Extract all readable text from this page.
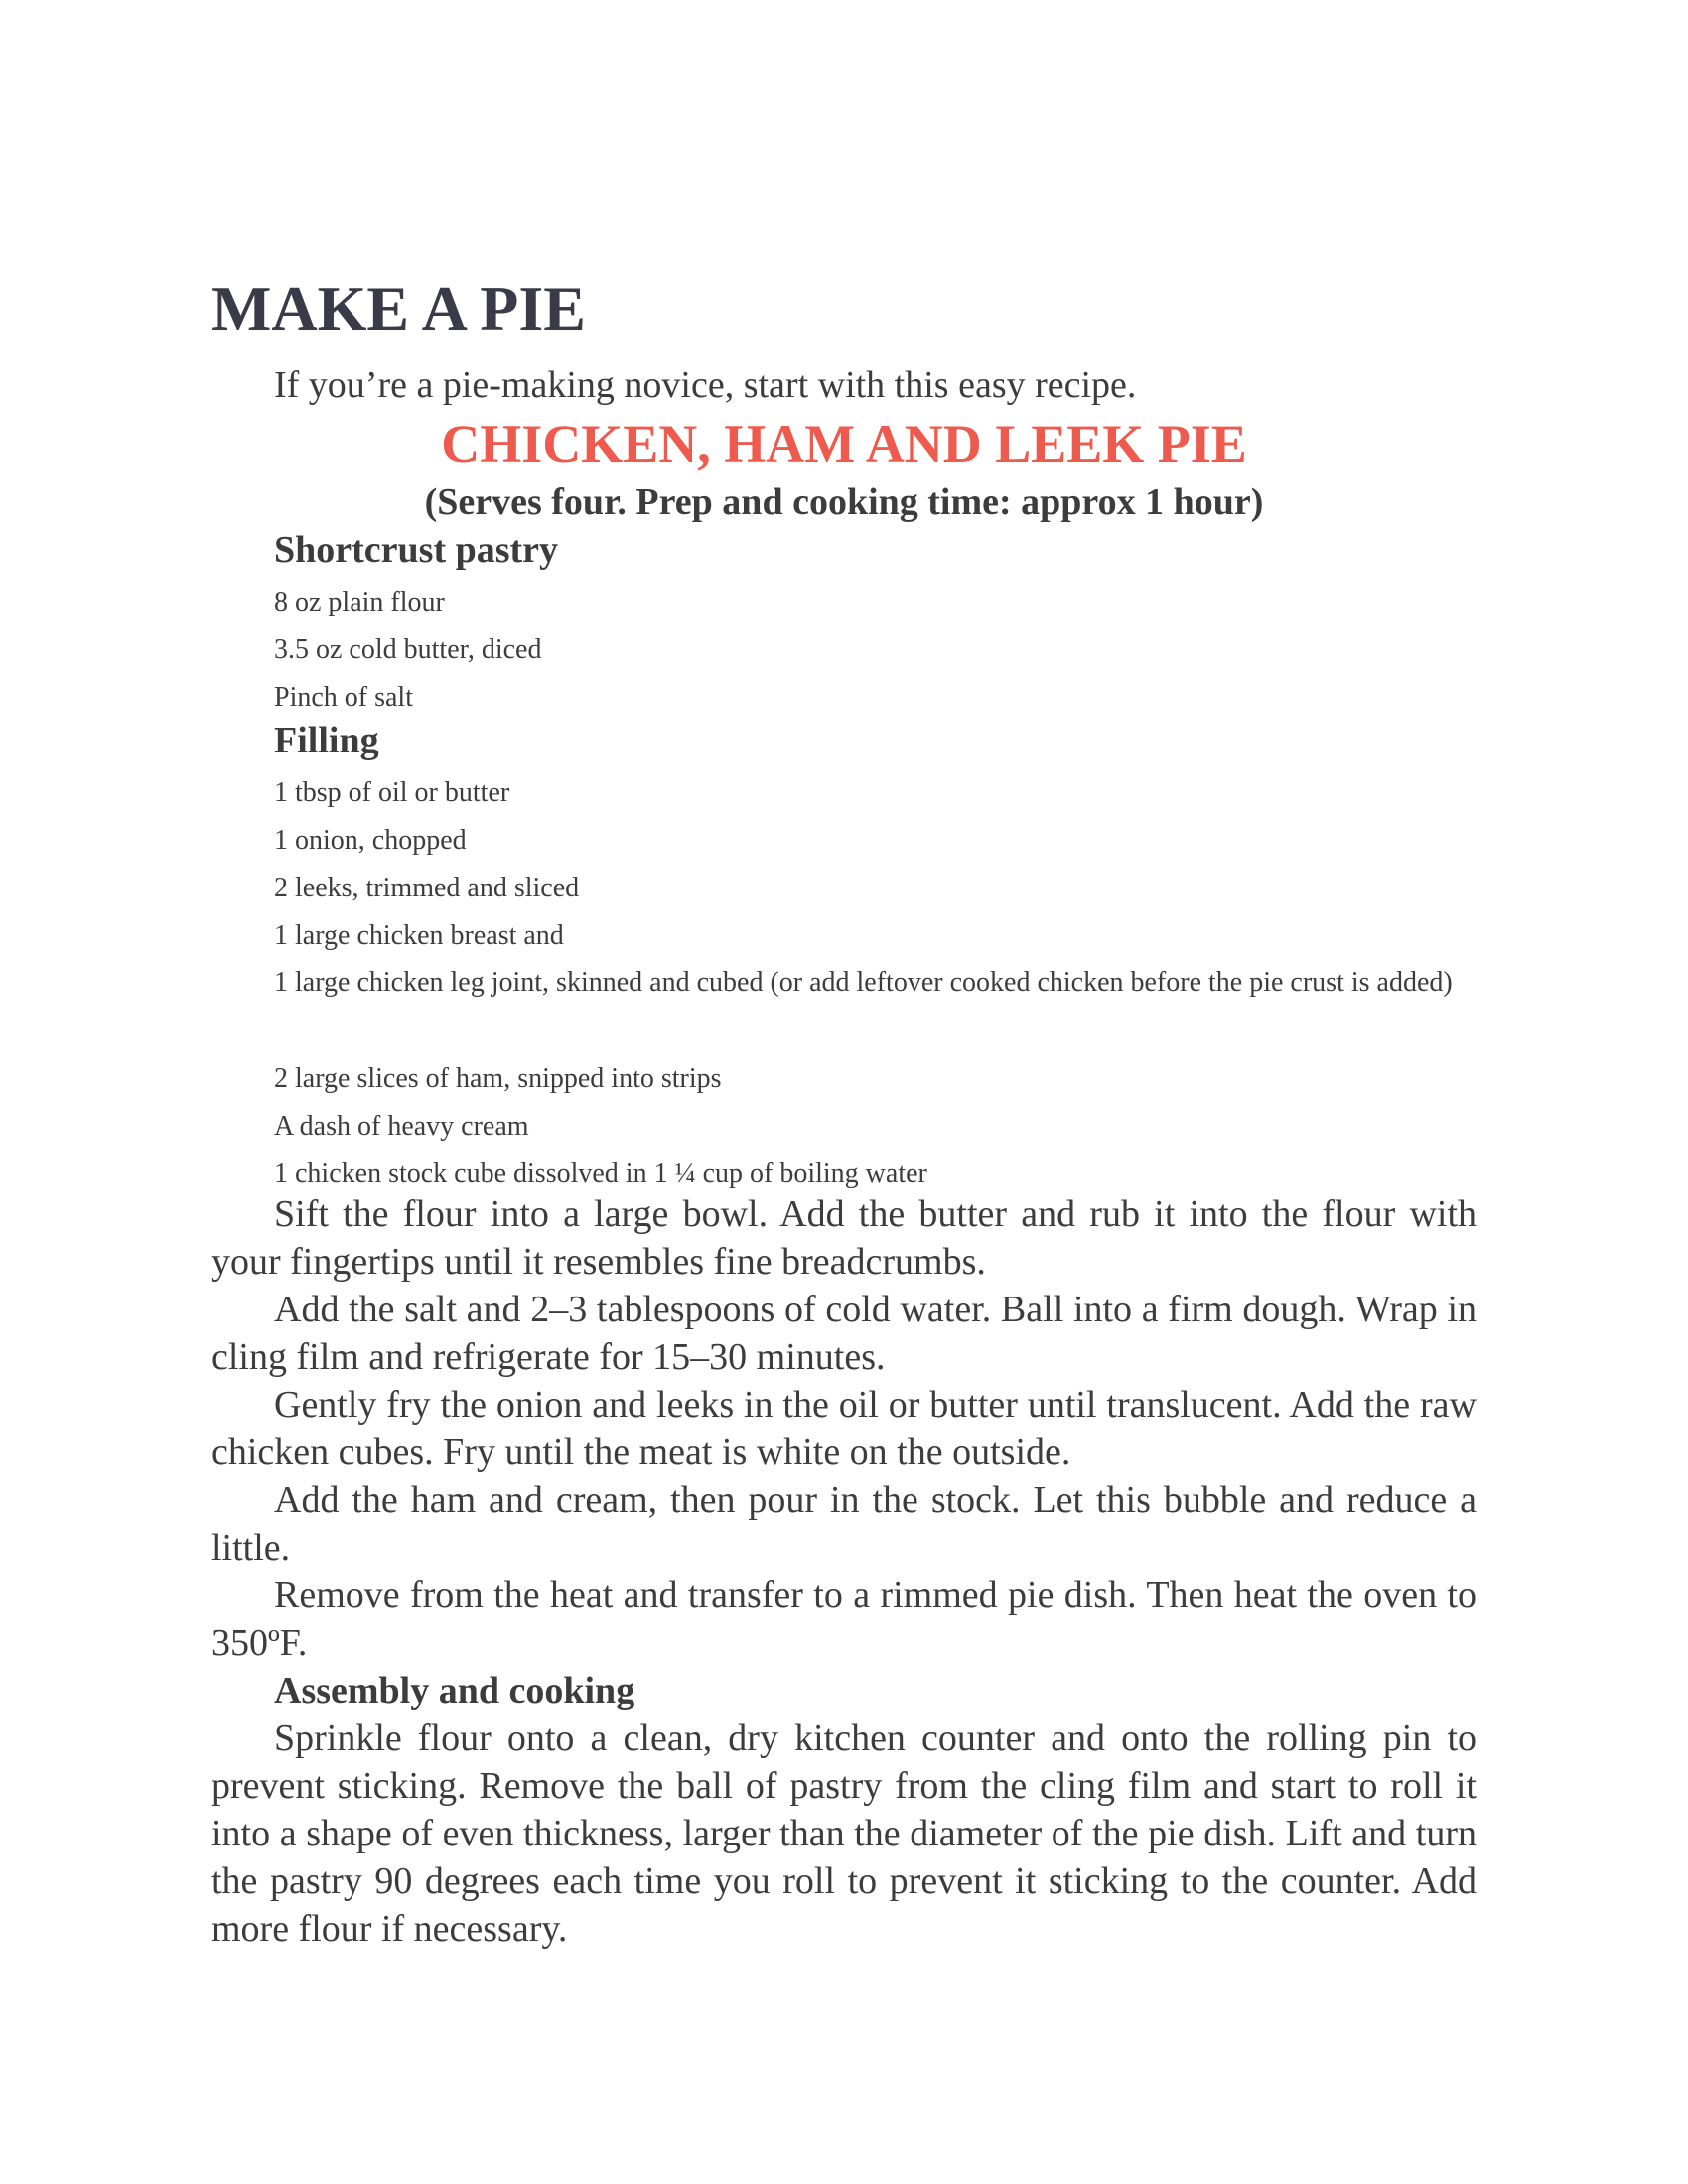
MAKE A PIE

If you’re a pie-making novice, start with this easy recipe.

CHICKEN, HAM AND LEEK PIE

(Serves four. Prep and cooking time: approx 1 hour)

Shortcrust pastry

8 oz plain flour

3.5 oz cold butter, diced

Pinch of salt

Filling

1 tbsp of oil or butter

1 onion, chopped

2 leeks, trimmed and sliced

1 large chicken breast and

1 large chicken leg joint, skinned and cubed (or add leftover cooked chicken before the pie crust is added)

2 large slices of ham, snipped into strips

A dash of heavy cream

1 chicken stock cube dissolved in 1 ¼ cup of boiling water

Sift the flour into a large bowl. Add the butter and rub it into the flour with your fingertips until it resembles fine breadcrumbs.

Add the salt and 2–3 tablespoons of cold water. Ball into a firm dough. Wrap in cling film and refrigerate for 15–30 minutes.

Gently fry the onion and leeks in the oil or butter until translucent. Add the raw chicken cubes. Fry until the meat is white on the outside.

Add the ham and cream, then pour in the stock. Let this bubble and reduce a little.

Remove from the heat and transfer to a rimmed pie dish. Then heat the oven to 350ºF.

Assembly and cooking

Sprinkle flour onto a clean, dry kitchen counter and onto the rolling pin to prevent sticking. Remove the ball of pastry from the cling film and start to roll it into a shape of even thickness, larger than the diameter of the pie dish. Lift and turn the pastry 90 degrees each time you roll to prevent it sticking to the counter. Add more flour if necessary.
